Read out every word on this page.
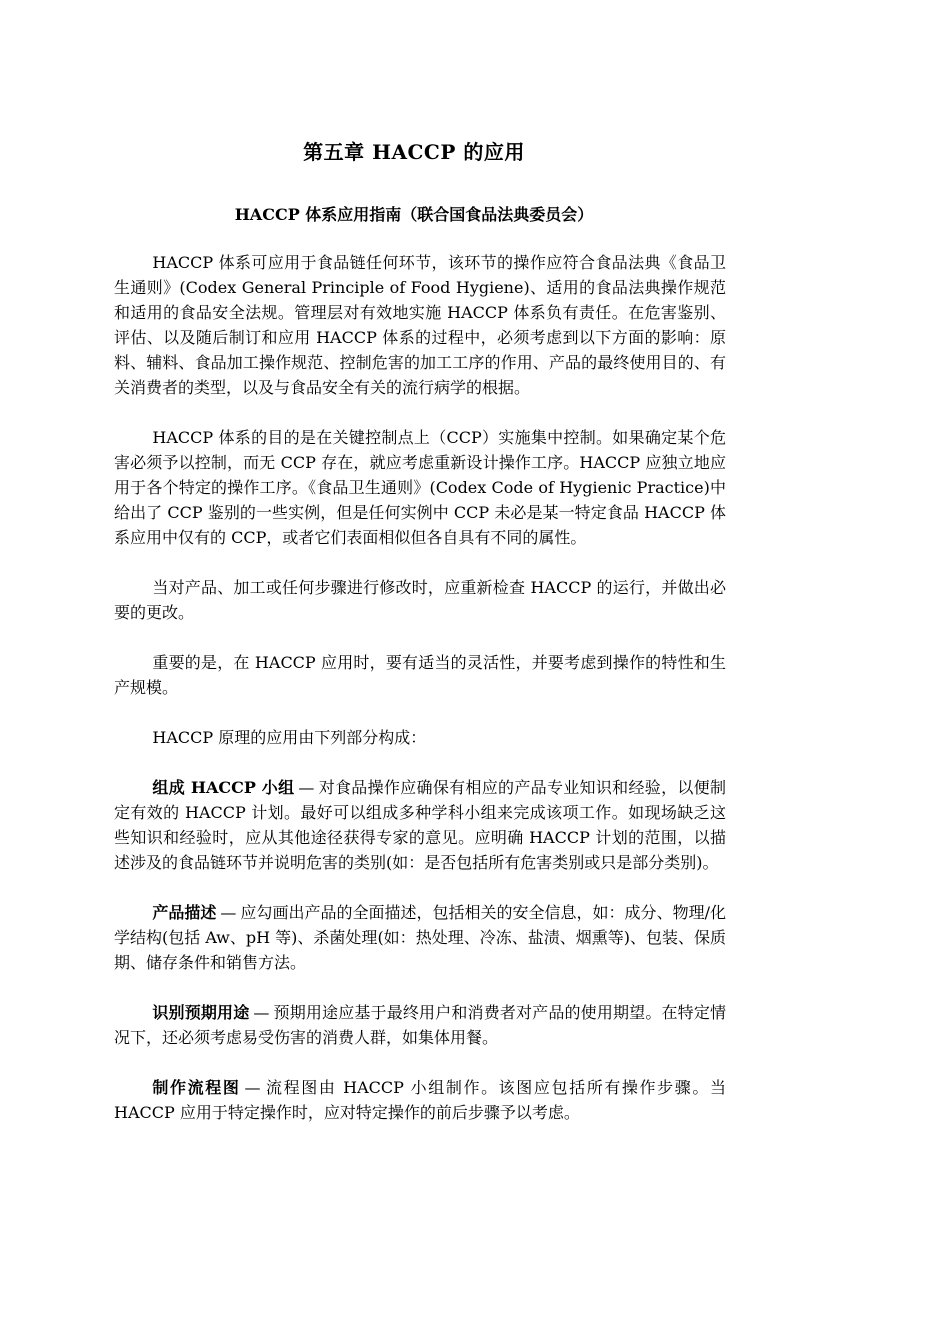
第五章 HACCP 的应用
HACCP 体系应用指南（联合国食品法典委员会）

HACCP 体系可应用于食品链任何环节，该环节的操作应符合食品法典《食品卫生通则》(Codex General Principle of Food Hygiene)、适用的食品法典操作规范和适用的食品安全法规。管理层对有效地实施 HACCP 体系负有责任。在危害鉴别、评估、以及随后制订和应用 HACCP 体系的过程中，必须考虑到以下方面的影响：原料、辅料、食品加工操作规范、控制危害的加工工序的作用、产品的最终使用目的、有关消费者的类型，以及与食品安全有关的流行病学的根据。

HACCP 体系的目的是在关键控制点上（CCP）实施集中控制。如果确定某个危害必须予以控制，而无 CCP 存在，就应考虑重新设计操作工序。HACCP 应独立地应用于各个特定的操作工序。《食品卫生通则》(Codex Code of Hygienic Practice)中给出了 CCP 鉴别的一些实例，但是任何实例中 CCP 未必是某一特定食品 HACCP 体系应用中仅有的 CCP，或者它们表面相似但各自具有不同的属性。

当对产品、加工或任何步骤进行修改时，应重新检查 HACCP 的运行，并做出必要的更改。

重要的是，在 HACCP 应用时，要有适当的灵活性，并要考虑到操作的特性和生产规模。

HACCP 原理的应用由下列部分构成：

组成 HACCP 小组 — 对食品操作应确保有相应的产品专业知识和经验，以便制定有效的 HACCP 计划。最好可以组成多种学科小组来完成该项工作。如现场缺乏这些知识和经验时，应从其他途径获得专家的意见。应明确 HACCP 计划的范围，以描述涉及的食品链环节并说明危害的类别(如：是否包括所有危害类别或只是部分类别)。

产品描述 — 应勾画出产品的全面描述，包括相关的安全信息，如：成分、物理/化学结构(包括 Aw、pH 等)、杀菌处理(如：热处理、冷冻、盐渍、烟熏等)、包装、保质期、储存条件和销售方法。

识别预期用途 — 预期用途应基于最终用户和消费者对产品的使用期望。在特定情况下，还必须考虑易受伤害的消费人群，如集体用餐。

制作流程图 — 流程图由 HACCP 小组制作。该图应包括所有操作步骤。当 HACCP 应用于特定操作时，应对特定操作的前后步骤予以考虑。
